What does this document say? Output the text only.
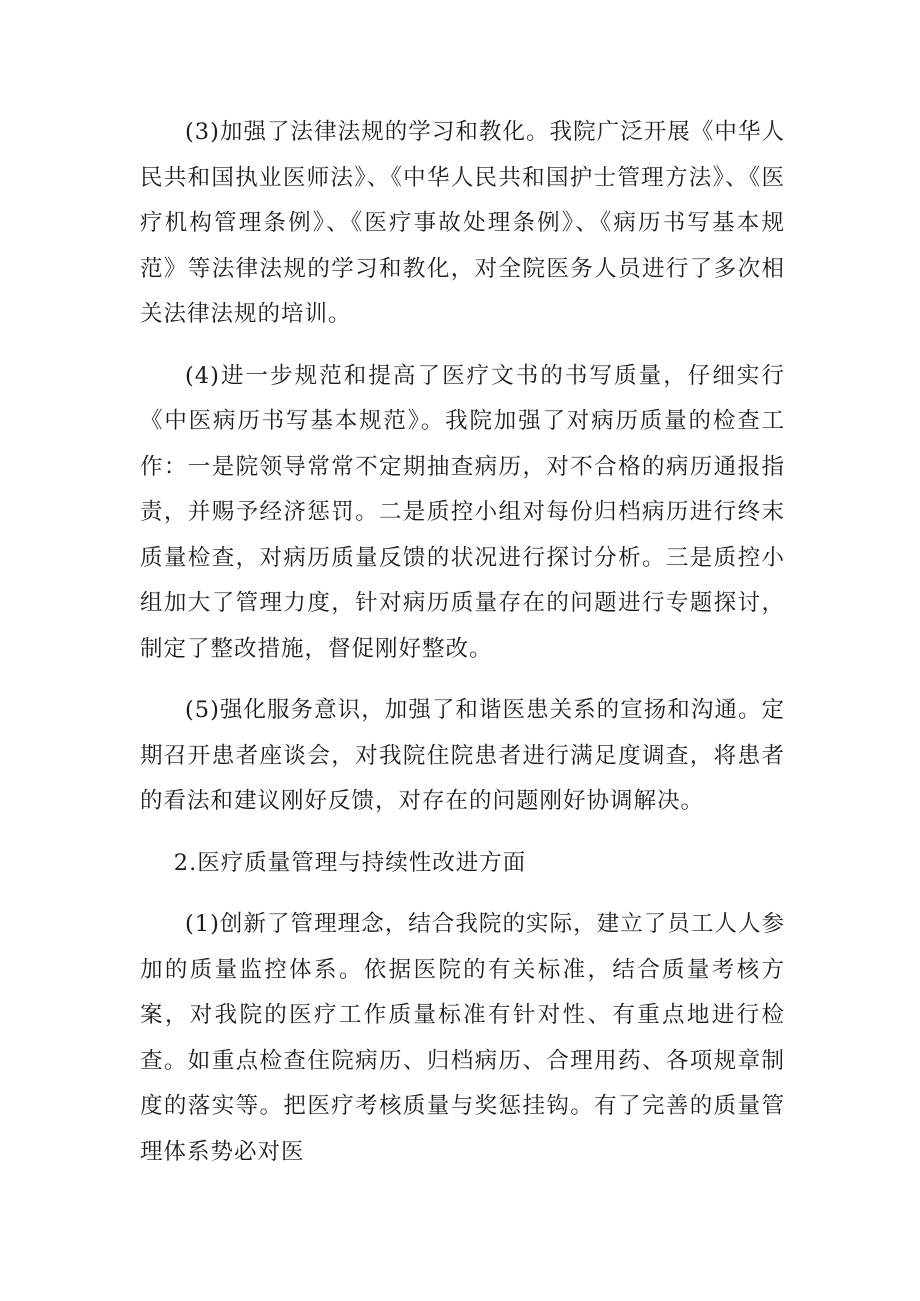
(3)加强了法律法规的学习和教化。我院广泛开展《中华人民共和国执业医师法》、《中华人民共和国护士管理方法》、《医疗机构管理条例》、《医疗事故处理条例》、《病历书写基本规范》等法律法规的学习和教化，对全院医务人员进行了多次相关法律法规的培训。

(4)进一步规范和提高了医疗文书的书写质量，仔细实行《中医病历书写基本规范》。我院加强了对病历质量的检查工作：一是院领导常常不定期抽查病历，对不合格的病历通报指责，并赐予经济惩罚。二是质控小组对每份归档病历进行终末质量检查，对病历质量反馈的状况进行探讨分析。三是质控小组加大了管理力度，针对病历质量存在的问题进行专题探讨，制定了整改措施，督促刚好整改。

(5)强化服务意识，加强了和谐医患关系的宣扬和沟通。定期召开患者座谈会，对我院住院患者进行满足度调查，将患者的看法和建议刚好反馈，对存在的问题刚好协调解决。

2.医疗质量管理与持续性改进方面

(1)创新了管理理念，结合我院的实际，建立了员工人人参加的质量监控体系。依据医院的有关标准，结合质量考核方案，对我院的医疗工作质量标准有针对性、有重点地进行检查。如重点检查住院病历、归档病历、合理用药、各项规章制度的落实等。把医疗考核质量与奖惩挂钩。有了完善的质量管理体系势必对医
